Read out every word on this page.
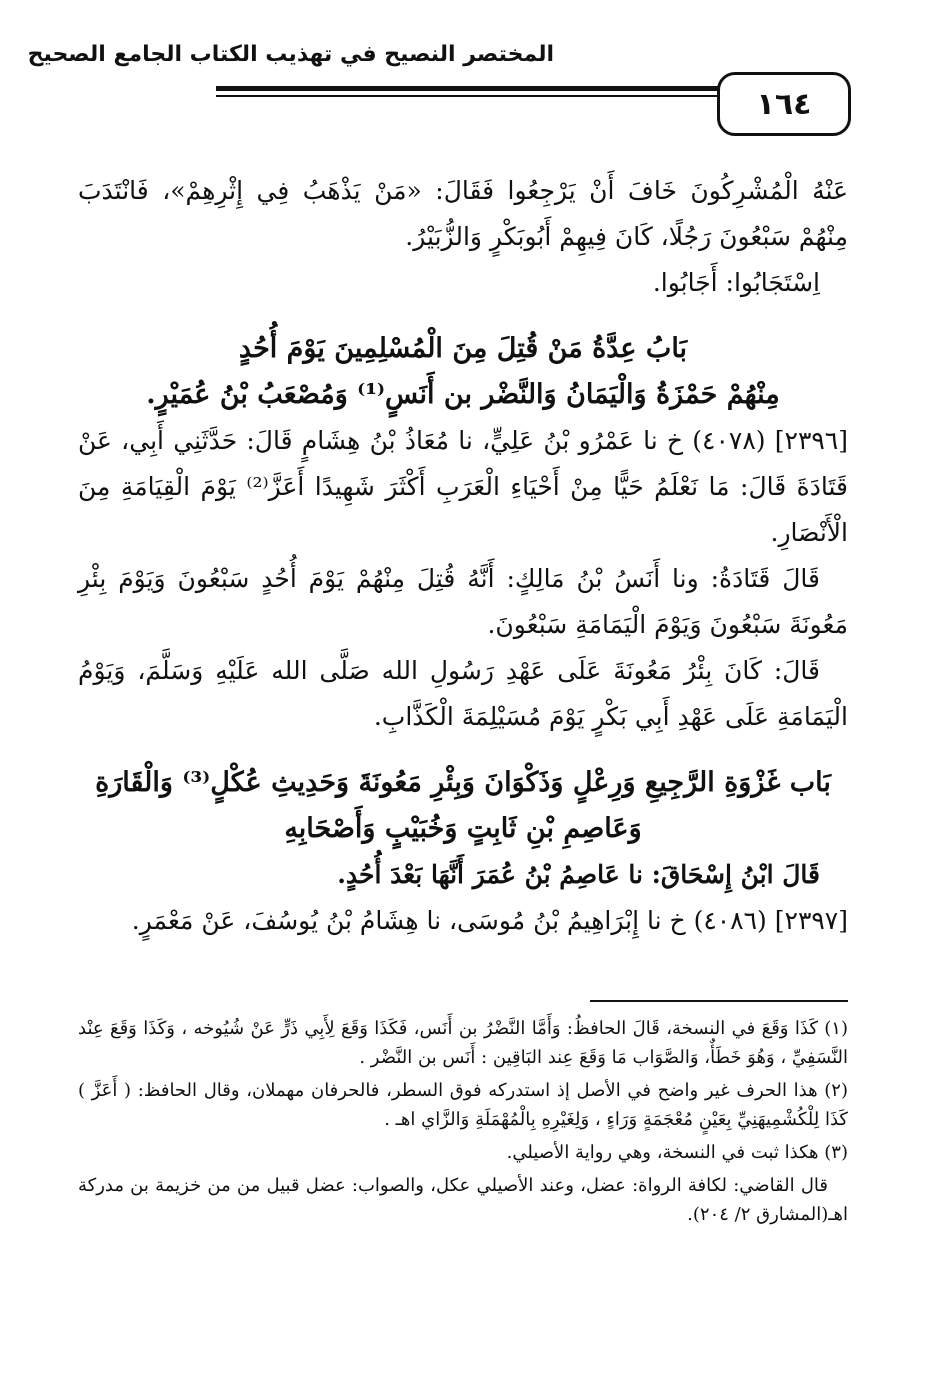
المختصر النصيح في تهذيب الكتاب الجامع الصحيح
١٦٤

عَنْهُ الْمُشْرِكُونَ خَافَ أَنْ يَرْجِعُوا فَقَالَ: «مَنْ يَذْهَبُ فِي إِثْرِهِمْ»، فَانْتَدَبَ مِنْهُمْ سَبْعُونَ رَجُلًا، كَانَ فِيهِمْ أَبُوبَكْرٍ وَالزُّبَيْرُ.

اِسْتَجَابُوا: أَجَابُوا.

بَابُ عِدَّةُ مَنْ قُتِلَ مِنَ الْمُسْلِمِينَ يَوْمَ أُحُدٍ

مِنْهُمْ حَمْزَةُ وَالْيَمَانُ وَالنَّضْر بن أَنَسٍ⁽¹⁾ وَمُصْعَبُ بْنُ عُمَيْرٍ.

[٢٣٩٦] (٤٠٧٨) خ نا عَمْرُو بْنُ عَلِيٍّ، نا مُعَاذُ بْنُ هِشَامٍ قَالَ: حَدَّثَنِي أَبِي، عَنْ قَتَادَةَ قَالَ: مَا نَعْلَمُ حَيًّا مِنْ أَحْيَاءِ الْعَرَبِ أَكْثَرَ شَهِيدًا أَعَزَّ⁽²⁾ يَوْمَ الْقِيَامَةِ مِنَ الْأَنْصَارِ.

قَالَ قَتَادَةُ: ونا أَنَسُ بْنُ مَالِكٍ: أَنَّهُ قُتِلَ مِنْهُمْ يَوْمَ أُحُدٍ سَبْعُونَ وَيَوْمَ بِئْرِ مَعُونَةَ سَبْعُونَ وَيَوْمَ الْيَمَامَةِ سَبْعُونَ.

قَالَ: كَانَ بِئْرُ مَعُونَةَ عَلَى عَهْدِ رَسُولِ الله صَلَّى الله عَلَيْهِ وَسَلَّمَ، وَيَوْمُ الْيَمَامَةِ عَلَى عَهْدِ أَبِي بَكْرٍ يَوْمَ مُسَيْلِمَةَ الْكَذَّابِ.

بَاب غَزْوَةِ الرَّجِيعِ وَرِعْلٍ وَذَكْوَانَ وَبِئْرِ مَعُونَةَ وَحَدِيثِ عُكْلٍ⁽³⁾ وَالْقَارَةِ وَعَاصِمِ بْنِ ثَابِتٍ وَخُبَيْبٍ وَأَصْحَابِهِ

قَالَ ابْنُ إِسْحَاقَ: نا عَاصِمُ بْنُ عُمَرَ أَنَّهَا بَعْدَ أُحُدٍ.

[٢٣٩٧] (٤٠٨٦) خ نا إِبْرَاهِيمُ بْنُ مُوسَى، نا هِشَامُ بْنُ يُوسُفَ، عَنْ مَعْمَرٍ.

(١) كَذَا وَقَعَ في النسخة، قَالَ الحافظُ: وَأَمَّا النَّضْرُ بن أَنَس، فَكَذَا وَقَعَ لِأَبِي ذَرٍّ عَنْ شُيُوخه ، وَكَذَا وَقَعَ عِنْد النَّسَفِيِّ ، وَهُوَ خَطَأٌ، وَالصَّوَاب مَا وَقَعَ عِند البَاقِين : أَنَس بن النَّضْر .

(٢) هذا الحرف غير واضح في الأصل إذ استدركه فوق السطر، فالحرفان مهملان، وقال الحافظ: ( أَعَزَّ ) كَذَا لِلْكُشْمِيهَنِيِّ بِعَيْنٍ مُعْجَمَةٍ وَرَاءٍ ، وَلِغَيْرِهِ بِالْمُهْمَلَةِ وَالزَّاي اهـ .

(٣) هكذا ثبت في النسخة، وهي رواية الأصيلي.

قال القاضي: لكافة الرواة: عضل، وعند الأصيلي عكل، والصواب: عضل قبيل من من خزيمة بن مدركة اهـ(المشارق ٢/ ٢٠٤).
